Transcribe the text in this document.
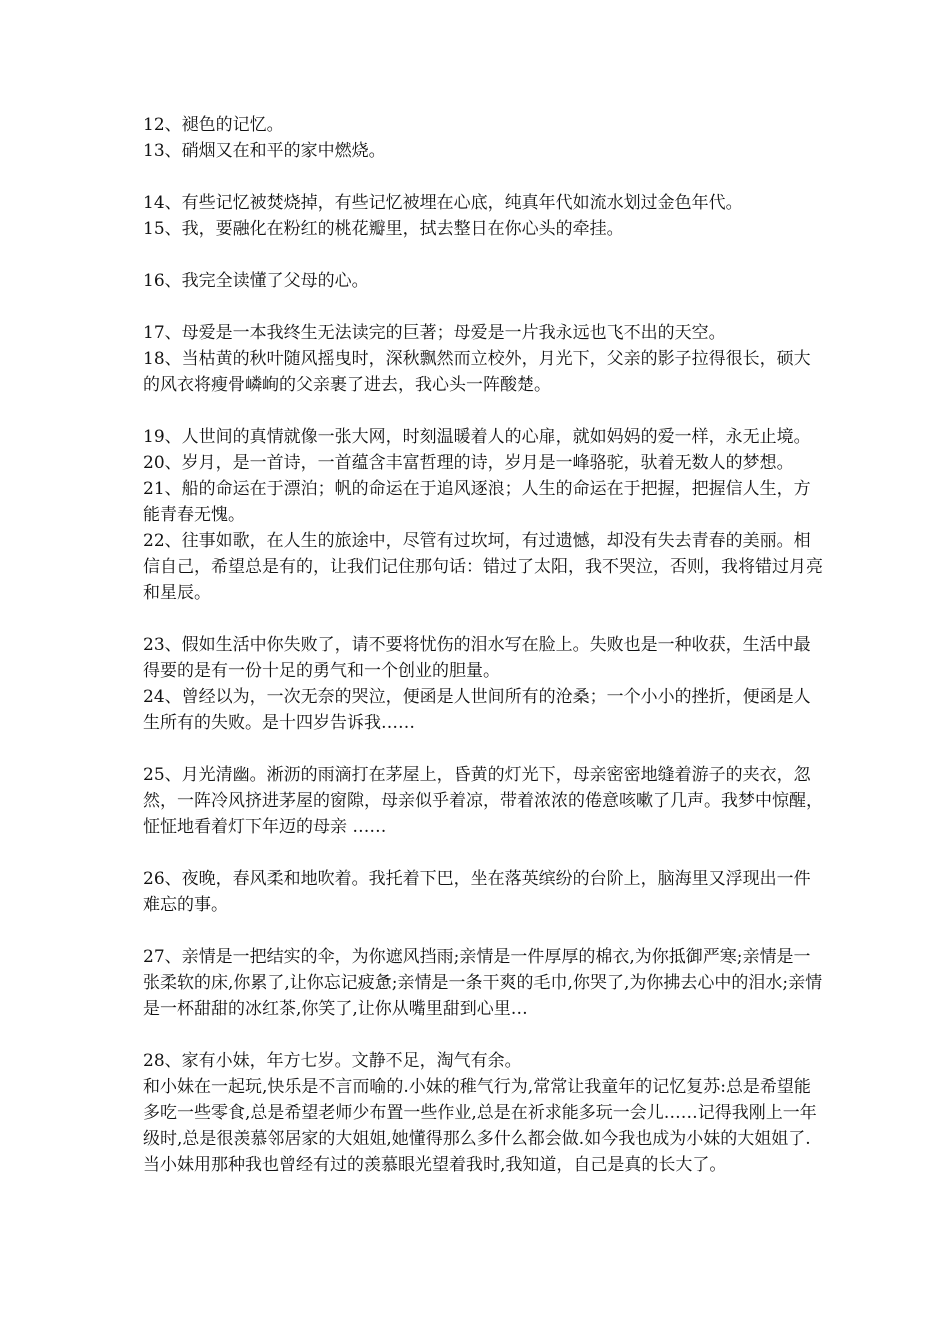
12、褪色的记忆。

13、硝烟又在和平的家中燃烧。

14、有些记忆被焚烧掉，有些记忆被埋在心底，纯真年代如流水划过金色年代。

15、我，要融化在粉红的桃花瓣里，拭去整日在你心头的牵挂。

16、我完全读懂了父母的心。

17、母爱是一本我终生无法读完的巨著；母爱是一片我永远也飞不出的天空。

18、当枯黄的秋叶随风摇曳时，深秋飘然而立校外，月光下，父亲的影子拉得很长，硕大的风衣将瘦骨嶙峋的父亲裹了进去，我心头一阵酸楚。

19、人世间的真情就像一张大网，时刻温暖着人的心扉，就如妈妈的爱一样，永无止境。

20、岁月，是一首诗，一首蕴含丰富哲理的诗，岁月是一峰骆驼，驮着无数人的梦想。

21、船的命运在于漂泊；帆的命运在于追风逐浪；人生的命运在于把握，把握信人生，方能青春无愧。

22、往事如歌，在人生的旅途中，尽管有过坎坷，有过遗憾，却没有失去青春的美丽。相信自己，希望总是有的，让我们记住那句话：错过了太阳，我不哭泣，否则，我将错过月亮和星辰。

23、假如生活中你失败了，请不要将忧伤的泪水写在脸上。失败也是一种收获，生活中最得要的是有一份十足的勇气和一个创业的胆量。

24、曾经以为，一次无奈的哭泣，便函是人世间所有的沧桑；一个小小的挫折，便函是人生所有的失败。是十四岁告诉我……

25、月光清幽。淅沥的雨滴打在茅屋上，昏黄的灯光下，母亲密密地缝着游子的夹衣，忽然，一阵冷风挤进茅屋的窗隙，母亲似乎着凉，带着浓浓的倦意咳嗽了几声。我梦中惊醒，怔怔地看着灯下年迈的母亲 ……

26、夜晚，春风柔和地吹着。我托着下巴，坐在落英缤纷的台阶上，脑海里又浮现出一件难忘的事。

27、亲情是一把结实的伞，为你遮风挡雨;亲情是一件厚厚的棉衣,为你抵御严寒;亲情是一张柔软的床,你累了,让你忘记疲惫;亲情是一条干爽的毛巾,你哭了,为你拂去心中的泪水;亲情是一杯甜甜的冰红茶,你笑了,让你从嘴里甜到心里…

28、家有小妹，年方七岁。文静不足，淘气有余。

和小妹在一起玩,快乐是不言而喻的.小妹的稚气行为,常常让我童年的记忆复苏:总是希望能多吃一些零食,总是希望老师少布置一些作业,总是在祈求能多玩一会儿……记得我刚上一年级时,总是很羡慕邻居家的大姐姐,她懂得那么多什么都会做.如今我也成为小妹的大姐姐了.当小妹用那种我也曾经有过的羡慕眼光望着我时,我知道，自己是真的长大了。
